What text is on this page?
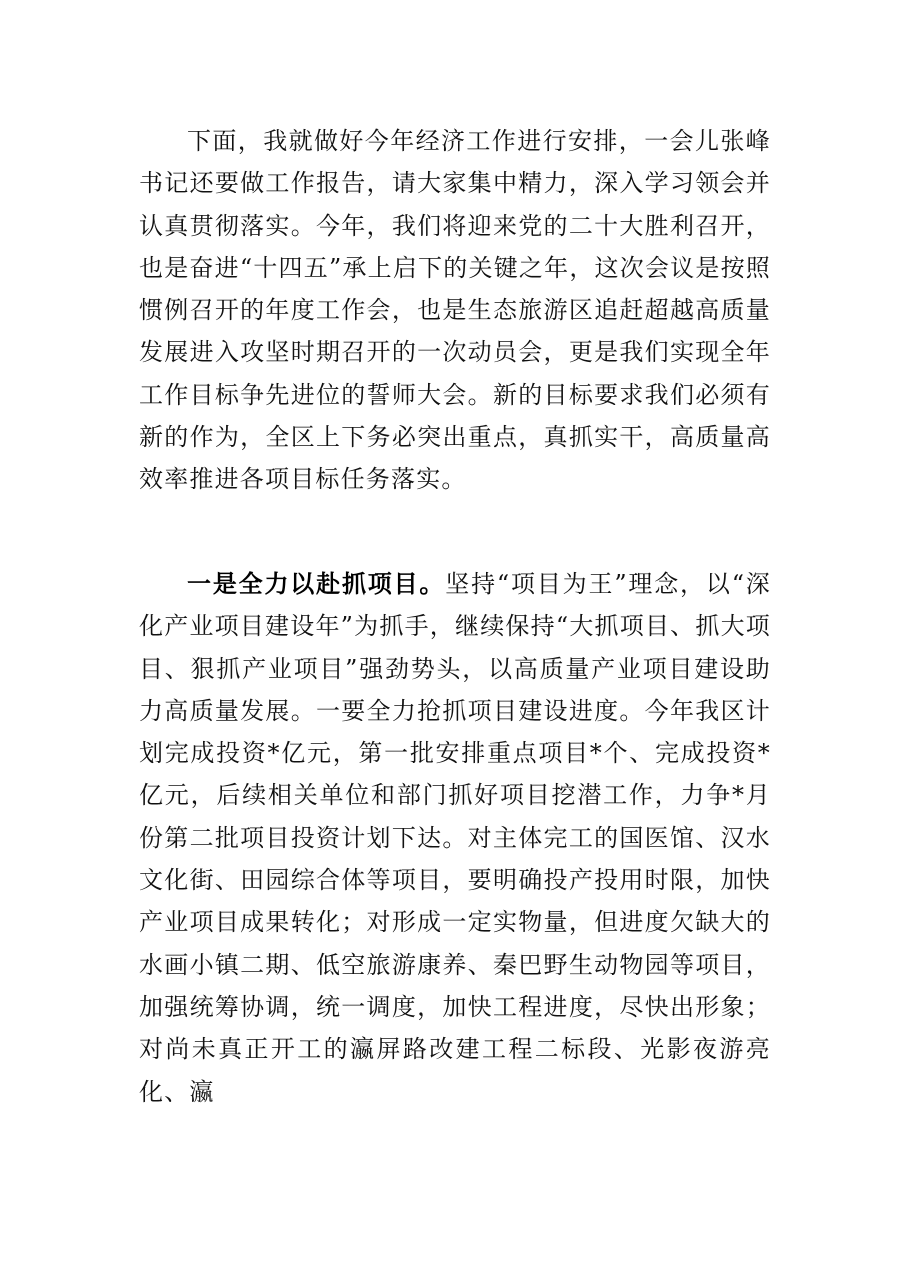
下面，我就做好今年经济工作进行安排，一会儿张峰书记还要做工作报告，请大家集中精力，深入学习领会并认真贯彻落实。今年，我们将迎来党的二十大胜利召开，也是奋进“十四五”承上启下的关键之年，这次会议是按照惯例召开的年度工作会，也是生态旅游区追赶超越高质量发展进入攻坚时期召开的一次动员会，更是我们实现全年工作目标争先进位的誓师大会。新的目标要求我们必须有新的作为，全区上下务必突出重点，真抓实干，高质量高效率推进各项目标任务落实。

一是全力以赴抓项目。坚持“项目为王”理念，以“深化产业项目建设年”为抓手，继续保持“大抓项目、抓大项目、狠抓产业项目”强劲势头，以高质量产业项目建设助力高质量发展。一要全力抢抓项目建设进度。今年我区计划完成投资*亿元，第一批安排重点项目*个、完成投资*亿元，后续相关单位和部门抓好项目挖潜工作，力争*月份第二批项目投资计划下达。对主体完工的国医馆、汉水文化街、田园综合体等项目，要明确投产投用时限，加快产业项目成果转化；对形成一定实物量，但进度欠缺大的水画小镇二期、低空旅游康养、秦巴野生动物园等项目，加强统筹协调，统一调度，加快工程进度，尽快出形象；对尚未真正开工的瀛屏路改建工程二标段、光影夜游亮化、瀛
